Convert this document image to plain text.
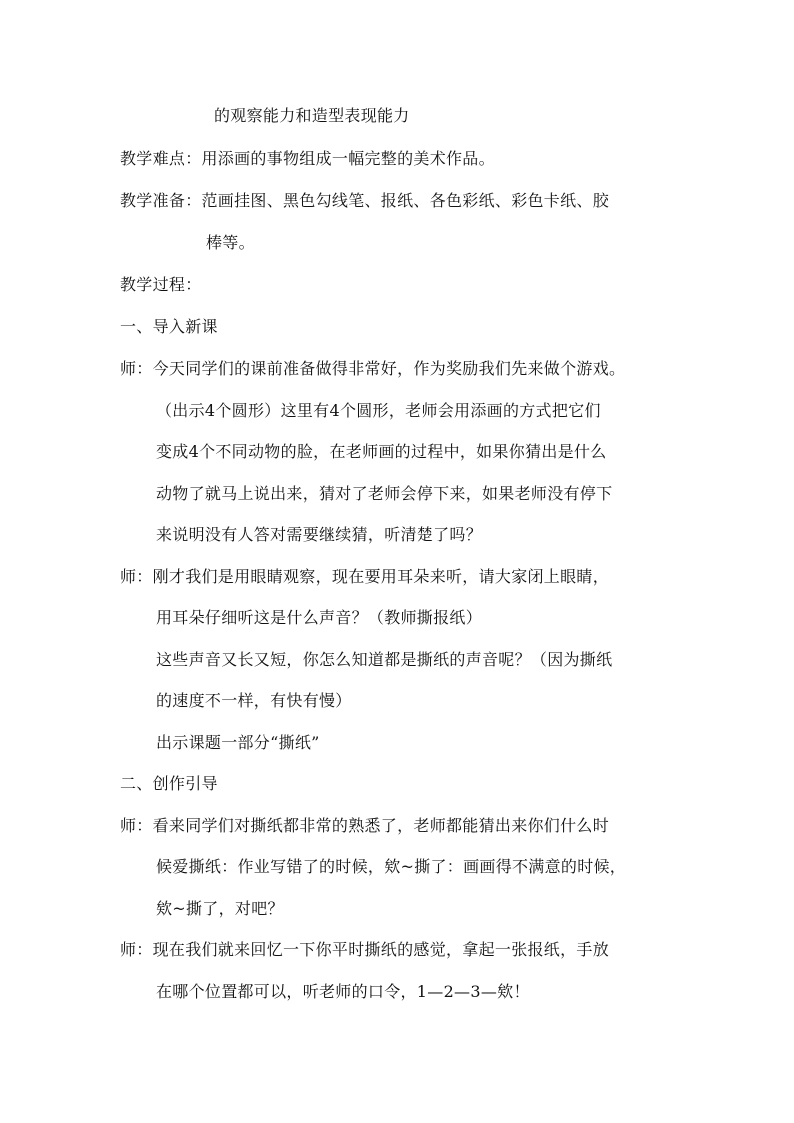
的观察能力和造型表现能力
教学难点：用添画的事物组成一幅完整的美术作品。
教学准备：范画挂图、黑色勾线笔、报纸、各色彩纸、彩色卡纸、胶
棒等。
教学过程：
一、导入新课
师：今天同学们的课前准备做得非常好，作为奖励我们先来做个游戏。
（出示4个圆形）这里有4个圆形，老师会用添画的方式把它们
变成4个不同动物的脸，在老师画的过程中，如果你猜出是什么
动物了就马上说出来，猜对了老师会停下来，如果老师没有停下
来说明没有人答对需要继续猜，听清楚了吗？
师：刚才我们是用眼睛观察，现在要用耳朵来听，请大家闭上眼睛，
用耳朵仔细听这是什么声音？（教师撕报纸）
这些声音又长又短，你怎么知道都是撕纸的声音呢？（因为撕纸
的速度不一样，有快有慢）
出示课题一部分“撕纸”
二、创作引导
师：看来同学们对撕纸都非常的熟悉了，老师都能猜出来你们什么时
候爱撕纸：作业写错了的时候，欸~撕了：画画得不满意的时候，
欸~撕了，对吧？
师：现在我们就来回忆一下你平时撕纸的感觉，拿起一张报纸，手放
在哪个位置都可以，听老师的口令，1—2—3—欸！
